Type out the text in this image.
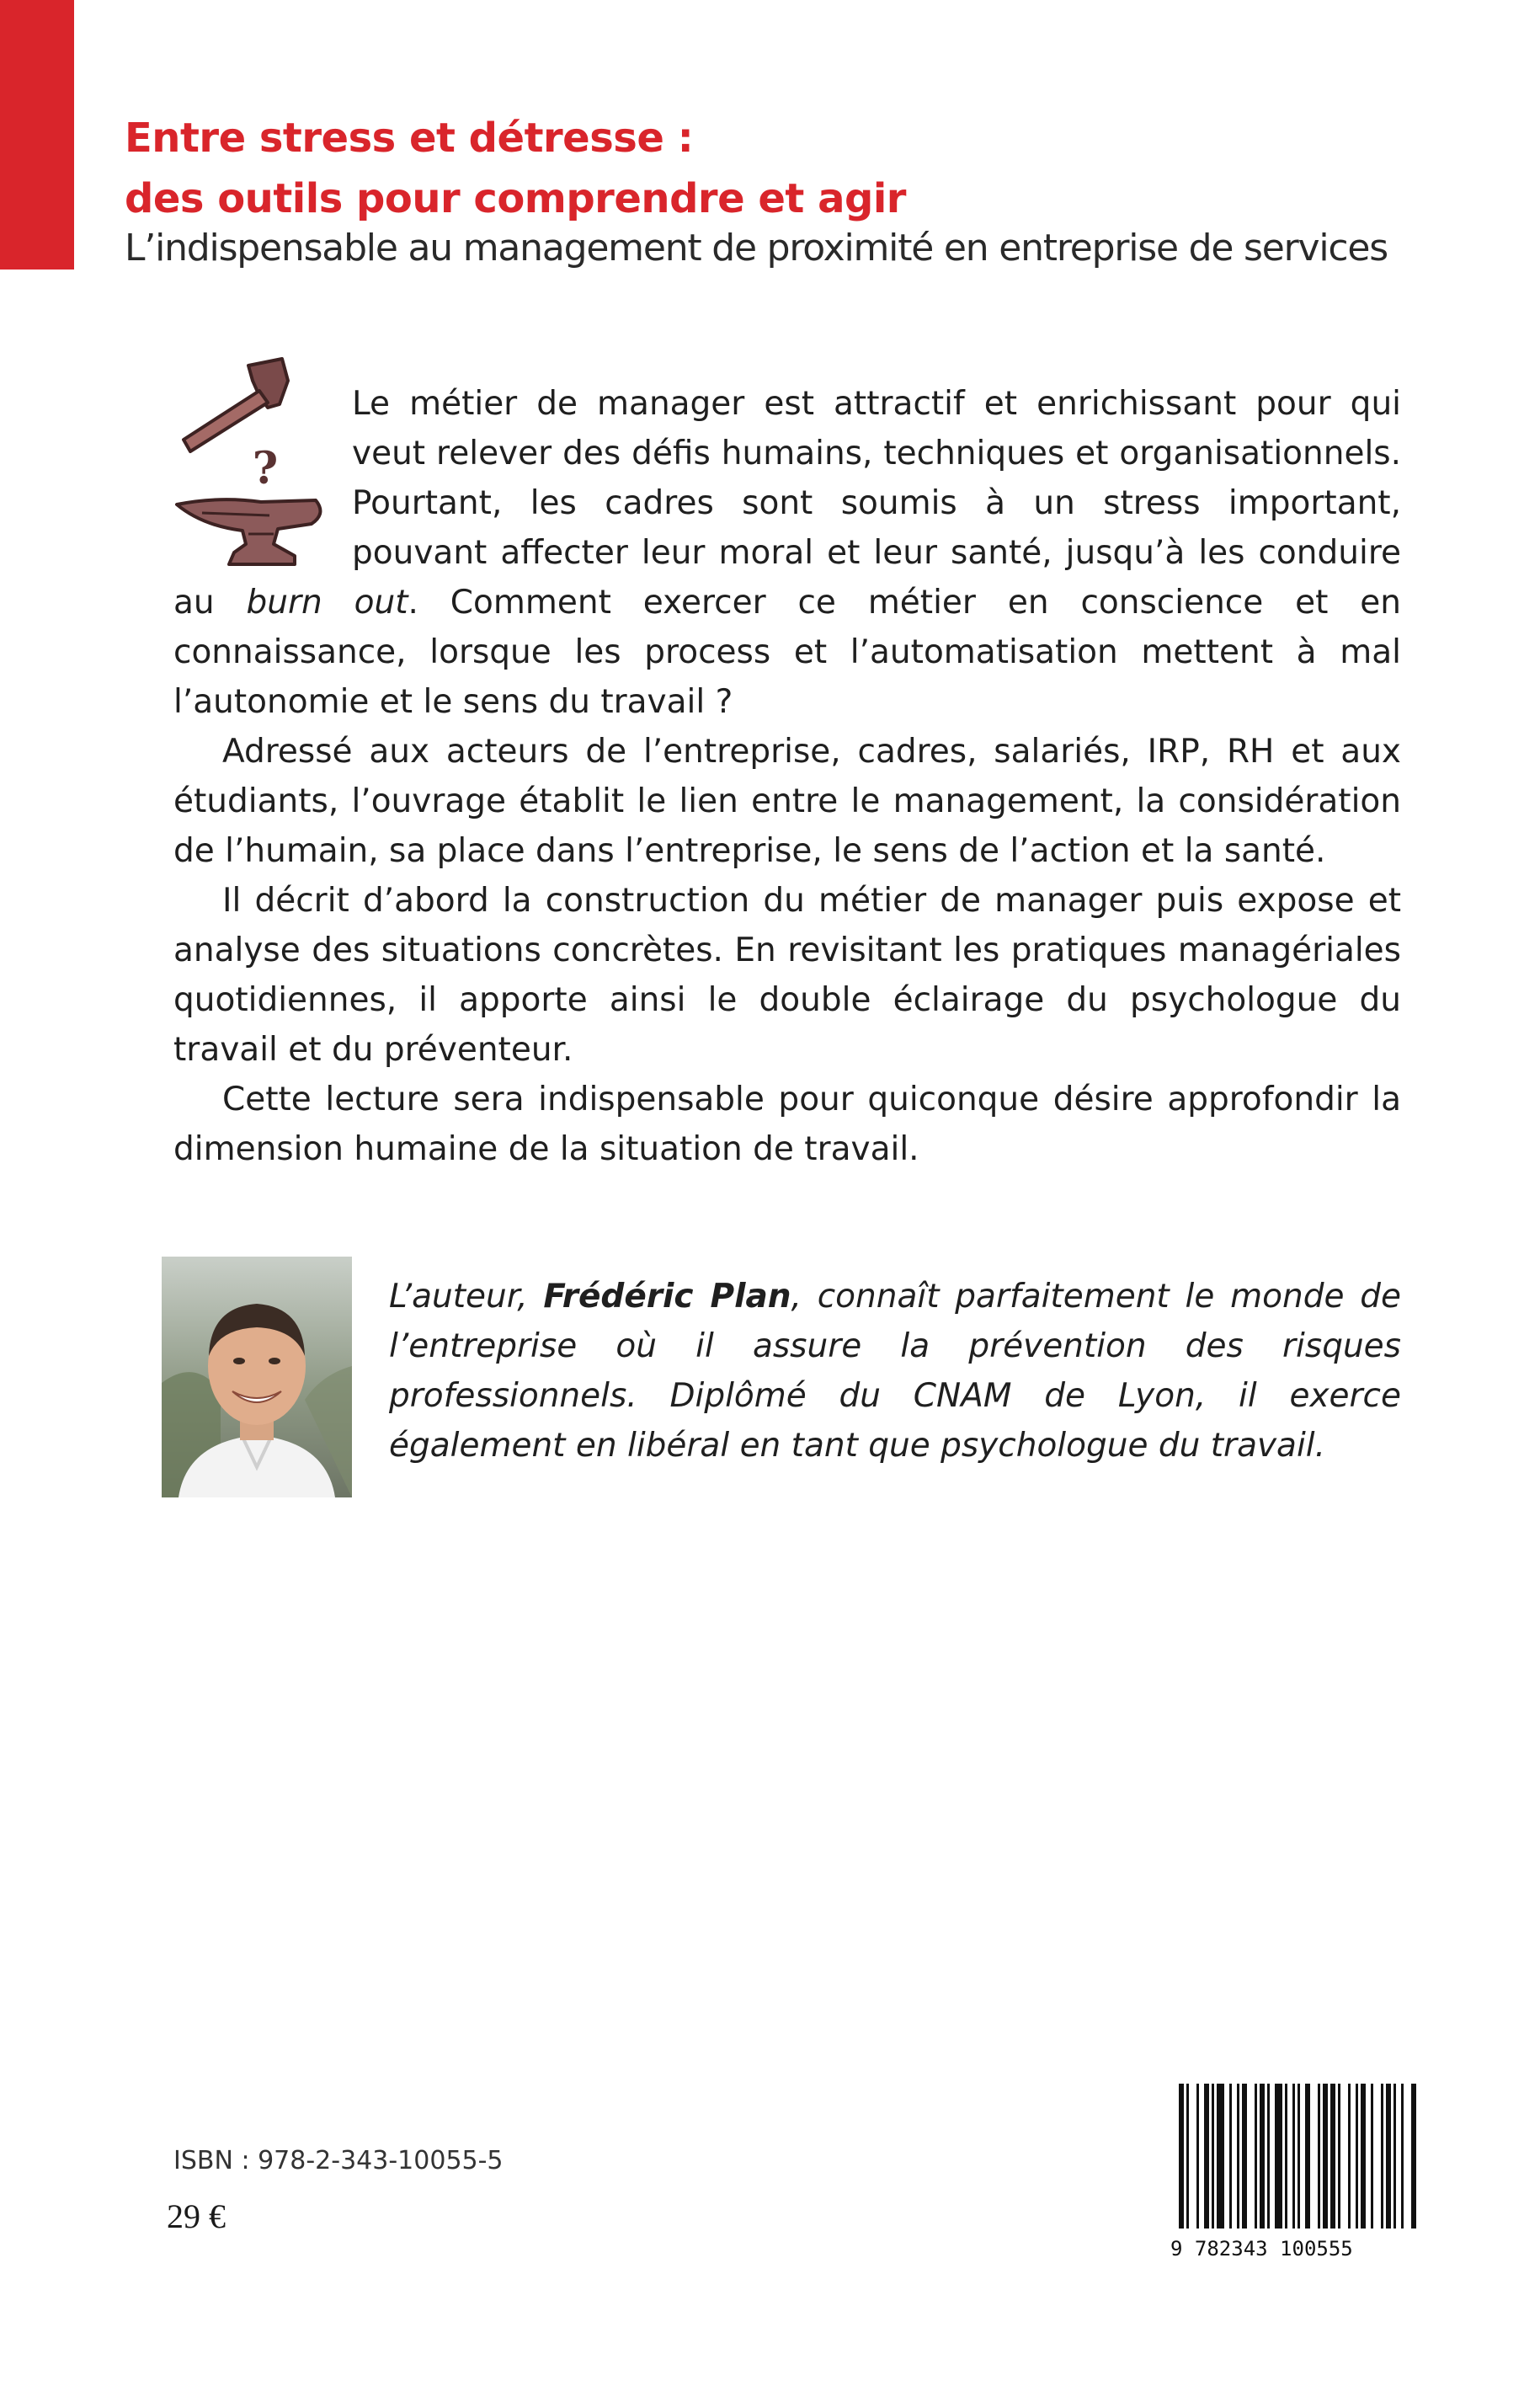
Entre stress et détresse :
des outils pour comprendre et agir

L’indispensable au management de proximité en entreprise de services

?

Le métier de manager est attractif et enrichissant pour qui veut relever des défis humains, techniques et organisationnels. Pourtant, les cadres sont soumis à un stress important, pouvant affecter leur moral et leur santé, jusqu’à les conduire au burn out. Comment exercer ce métier en conscience et en connaissance, lorsque les process et l’automatisation mettent à mal l’autonomie et le sens du travail ?

Adressé aux acteurs de l’entreprise, cadres, salariés, IRP, RH et aux étudiants, l’ouvrage établit le lien entre le management, la considération de l’humain, sa place dans l’entreprise, le sens de l’action et la santé.

Il décrit d’abord la construction du métier de manager puis expose et analyse des situations concrètes. En revisitant les pratiques managériales quotidiennes, il apporte ainsi le double éclairage du psychologue du travail et du préventeur.

Cette lecture sera indispensable pour quiconque désire approfondir la dimension humaine de la situation de travail.

L’auteur, Frédéric Plan, connaît parfaitement le monde de l’entreprise où il assure la prévention des risques professionnels. Diplômé du CNAM de Lyon, il exerce également en libéral en tant que psychologue du travail.

ISBN : 978-2-343-10055-5
29 €
9 782343 100555
